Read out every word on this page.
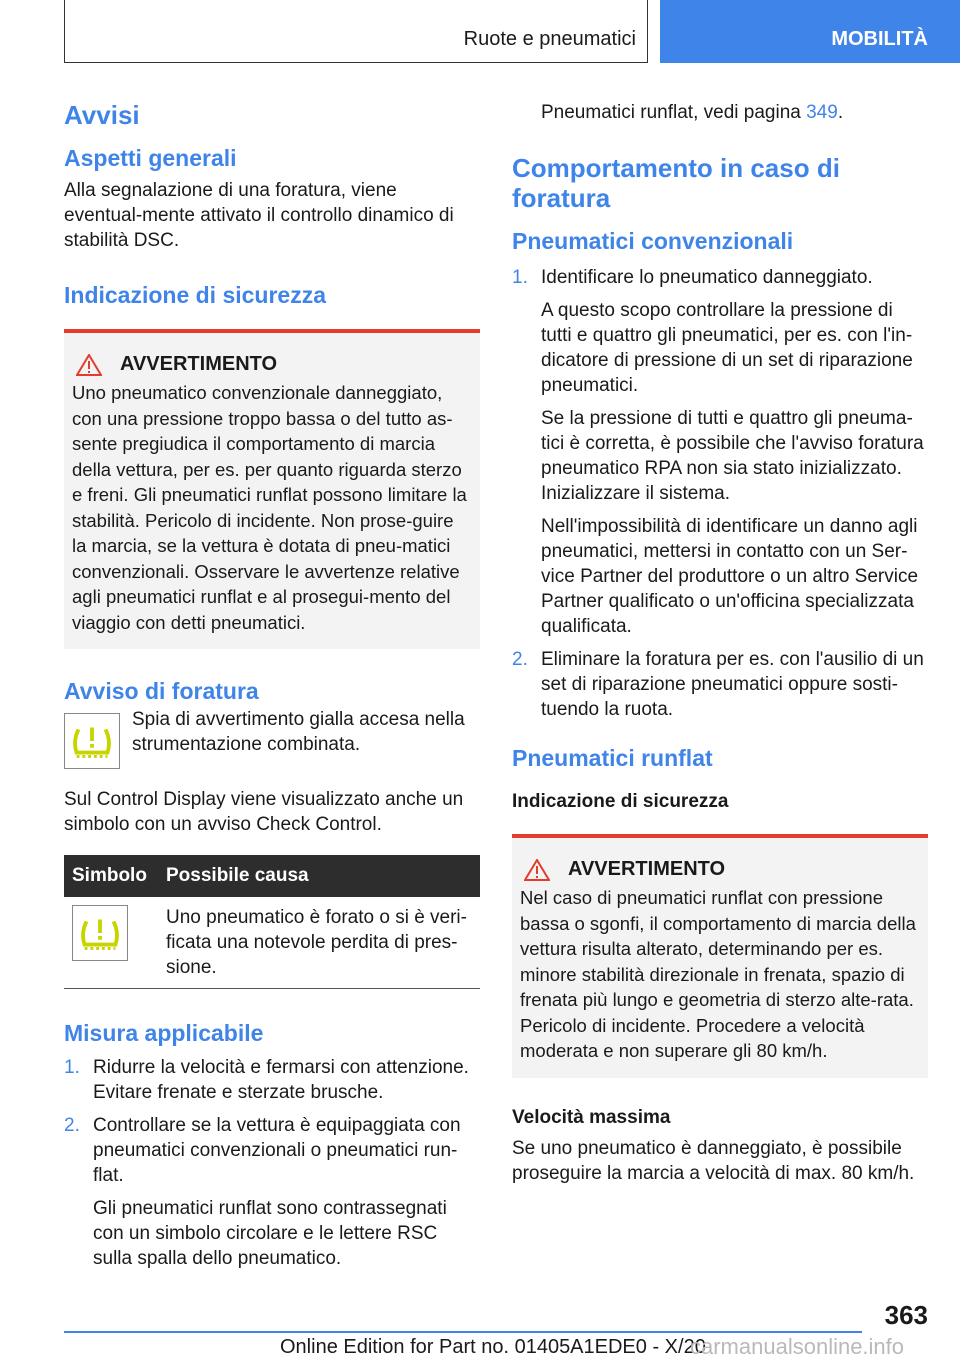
Ruote e pneumatici	MOBILITÀ
Avvisi
Aspetti generali

Alla segnalazione di una foratura, viene eventual-mente attivato il controllo dinamico di stabilità DSC.

Indicazione di sicurezza
AVVERTIMENTO

Uno pneumatico convenzionale danneggiato, con una pressione troppo bassa o del tutto as-sente pregiudica il comportamento di marcia della vettura, per es. per quanto riguarda sterzo e freni. Gli pneumatici runflat possono limitare la stabilità. Pericolo di incidente. Non prose-guire la marcia, se la vettura è dotata di pneu-matici convenzionali. Osservare le avvertenze relative agli pneumatici runflat e al prosegui-mento del viaggio con detti pneumatici.

Avviso di foratura

Spia di avvertimento gialla accesa nella strumentazione combinata.

Sul Control Display viene visualizzato anche un simbolo con un avviso Check Control.

Simbolo	Possibile causa
	Uno pneumatico è forato o si è veri-ficata una notevole perdita di pres-sione.
Misura applicabile
1. Ridurre la velocità e fermarsi con attenzione. Evitare frenate e sterzate brusche.

2. Controllare se la vettura è equipaggiata con pneumatici convenzionali o pneumatici run-flat.

Gli pneumatici runflat sono contrassegnati con un simbolo circolare e le lettere RSC sulla spalla dello pneumatico.

Pneumatici runflat, vedi pagina 349.

Comportamento in caso di foratura
Pneumatici convenzionali
1. Identificare lo pneumatico danneggiato.

A questo scopo controllare la pressione di tutti e quattro gli pneumatici, per es. con l'in-dicatore di pressione di un set di riparazione pneumatici.

Se la pressione di tutti e quattro gli pneuma-tici è corretta, è possibile che l'avviso foratura pneumatico RPA non sia stato inizializzato. Inizializzare il sistema.

Nell'impossibilità di identificare un danno agli pneumatici, mettersi in contatto con un Ser-vice Partner del produttore o un altro Service Partner qualificato o un'officina specializzata qualificata.

2. Eliminare la foratura per es. con l'ausilio di un set di riparazione pneumatici oppure sosti-tuendo la ruota.

Pneumatici runflat
Indicazione di sicurezza
AVVERTIMENTO

Nel caso di pneumatici runflat con pressione bassa o sgonfi, il comportamento di marcia della vettura risulta alterato, determinando per es. minore stabilità direzionale in frenata, spazio di frenata più lungo e geometria di sterzo alte-rata. Pericolo di incidente. Procedere a velocità moderata e non superare gli 80 km/h.

Velocità massima

Se uno pneumatico è danneggiato, è possibile proseguire la marcia a velocità di max. 80 km/h.

363
Online Edition for Part no. 01405A1EDE0 - X/20
carmanualsonline.info
